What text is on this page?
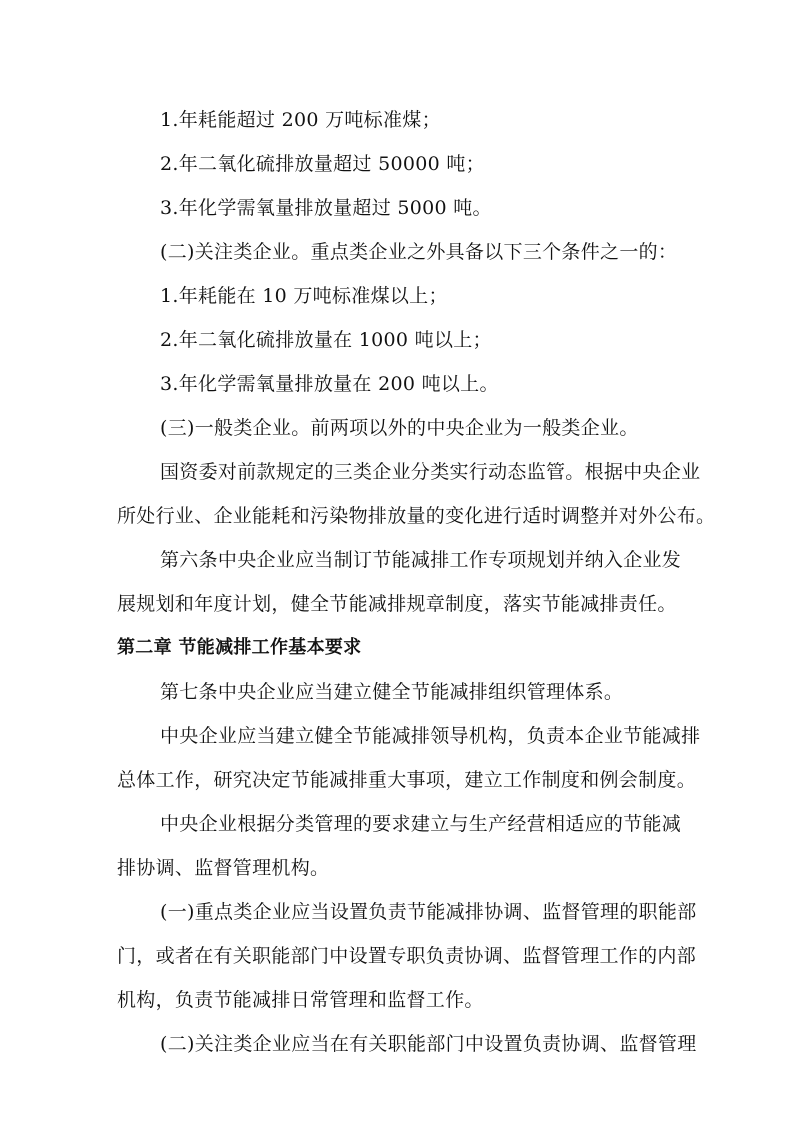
1.年耗能超过 200 万吨标准煤；
2.年二氧化硫排放量超过 50000 吨；
3.年化学需氧量排放量超过 5000 吨。
(二)关注类企业。重点类企业之外具备以下三个条件之一的：
1.年耗能在 10 万吨标准煤以上；
2.年二氧化硫排放量在 1000 吨以上；
3.年化学需氧量排放量在 200 吨以上。
(三)一般类企业。前两项以外的中央企业为一般类企业。
国资委对前款规定的三类企业分类实行动态监管。根据中央企业
所处行业、企业能耗和污染物排放量的变化进行适时调整并对外公布。
第六条中央企业应当制订节能减排工作专项规划并纳入企业发
展规划和年度计划，健全节能减排规章制度，落实节能减排责任。
第二章 节能减排工作基本要求
第七条中央企业应当建立健全节能减排组织管理体系。
中央企业应当建立健全节能减排领导机构，负责本企业节能减排
总体工作，研究决定节能减排重大事项，建立工作制度和例会制度。
中央企业根据分类管理的要求建立与生产经营相适应的节能减
排协调、监督管理机构。
(一)重点类企业应当设置负责节能减排协调、监督管理的职能部
门，或者在有关职能部门中设置专职负责协调、监督管理工作的内部
机构，负责节能减排日常管理和监督工作。
(二)关注类企业应当在有关职能部门中设置负责协调、监督管理
